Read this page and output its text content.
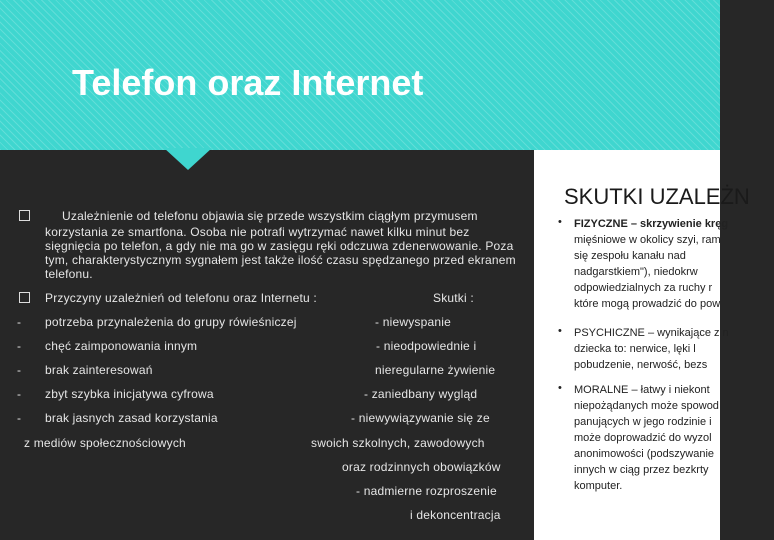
Telefon oraz Internet
Uzależnienie od telefonu objawia się przede wszystkim ciągłym przymusem
korzystania ze smartfona. Osoba nie potrafi wytrzymać nawet kilku minut bez
sięgnięcia po telefon, a gdy nie ma go w zasięgu ręki odczuwa zdenerwowanie. Poza
tym, charakterystycznym sygnałem jest także ilość czasu spędzanego przed ekranem
telefonu.
Przyczyny uzależnień od telefonu oraz Internetu :	Skutki :
- potrzeba przynależenia do grupy rówieśniczej
- chęć zaimponowania innym
- brak zainteresowań
- zbyt szybka inicjatywa cyfrowa
- brak jasnych zasad korzystania
z mediów społecznościowych
- niewyspanie
- nieodpowiednie i
nieregularne żywienie
- zaniedbany wygląd
- niewywiązywanie się ze
swoich szkolnych, zawodowych
oraz rodzinnych obowiązków
- nadmierne rozproszenie
i dekoncentracja
SKUTKI UZALEŻN
• FIZYCZNE – skrzywienie kręg
mięśniowe w okolicy szyi, ram
się zespołu kanału nad
nadgarstkiem"), niedokrw
odpowiedzialnych za ruchy r
które mogą prowadzić do pow
• PSYCHICZNE – wynikające z n
dziecka to: nerwice, lęki l
pobudzenie, nerwość, bezs
• MORALNE – łatwy i niekont
niepożądanych może spowod
panujących w jego rodzinie i
może doprowadzić do wyzol
anonimowości (podszywanie
innych w ciąg przez bezkrty
komputer.
